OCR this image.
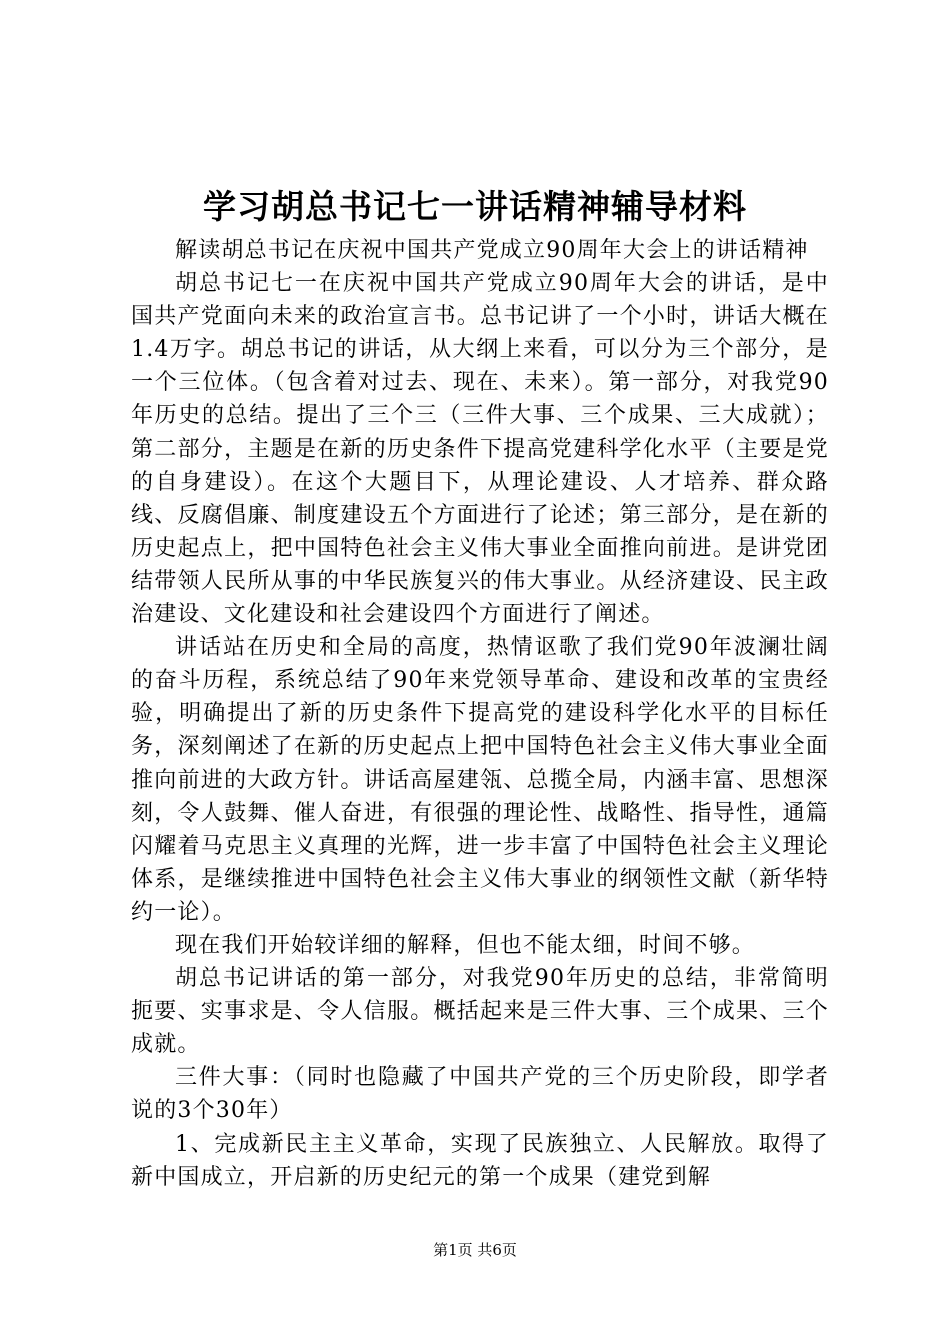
学习胡总书记七一讲话精神辅导材料

解读胡总书记在庆祝中国共产党成立90周年大会上的讲话精神

胡总书记七一在庆祝中国共产党成立90周年大会的讲话，是中国共产党面向未来的政治宣言书。总书记讲了一个小时，讲话大概在1.4万字。胡总书记的讲话，从大纲上来看，可以分为三个部分，是一个三位体。（包含着对过去、现在、未来）。第一部分，对我党90年历史的总结。提出了三个三（三件大事、三个成果、三大成就）；第二部分，主题是在新的历史条件下提高党建科学化水平（主要是党的自身建设）。在这个大题目下，从理论建设、人才培养、群众路线、反腐倡廉、制度建设五个方面进行了论述；第三部分，是在新的历史起点上，把中国特色社会主义伟大事业全面推向前进。是讲党团结带领人民所从事的中华民族复兴的伟大事业。从经济建设、民主政治建设、文化建设和社会建设四个方面进行了阐述。

讲话站在历史和全局的高度，热情讴歌了我们党90年波澜壮阔的奋斗历程，系统总结了90年来党领导革命、建设和改革的宝贵经验，明确提出了新的历史条件下提高党的建设科学化水平的目标任务，深刻阐述了在新的历史起点上把中国特色社会主义伟大事业全面推向前进的大政方针。讲话高屋建瓴、总揽全局，内涵丰富、思想深刻，令人鼓舞、催人奋进，有很强的理论性、战略性、指导性，通篇闪耀着马克思主义真理的光辉，进一步丰富了中国特色社会主义理论体系，是继续推进中国特色社会主义伟大事业的纲领性文献（新华特约一论）。

现在我们开始较详细的解释，但也不能太细，时间不够。

胡总书记讲话的第一部分，对我党90年历史的总结，非常简明扼要、实事求是、令人信服。概括起来是三件大事、三个成果、三个成就。

三件大事：（同时也隐藏了中国共产党的三个历史阶段，即学者说的3个30年）

1、完成新民主主义革命，实现了民族独立、人民解放。取得了新中国成立，开启新的历史纪元的第一个成果（建党到解

第1页 共6页
